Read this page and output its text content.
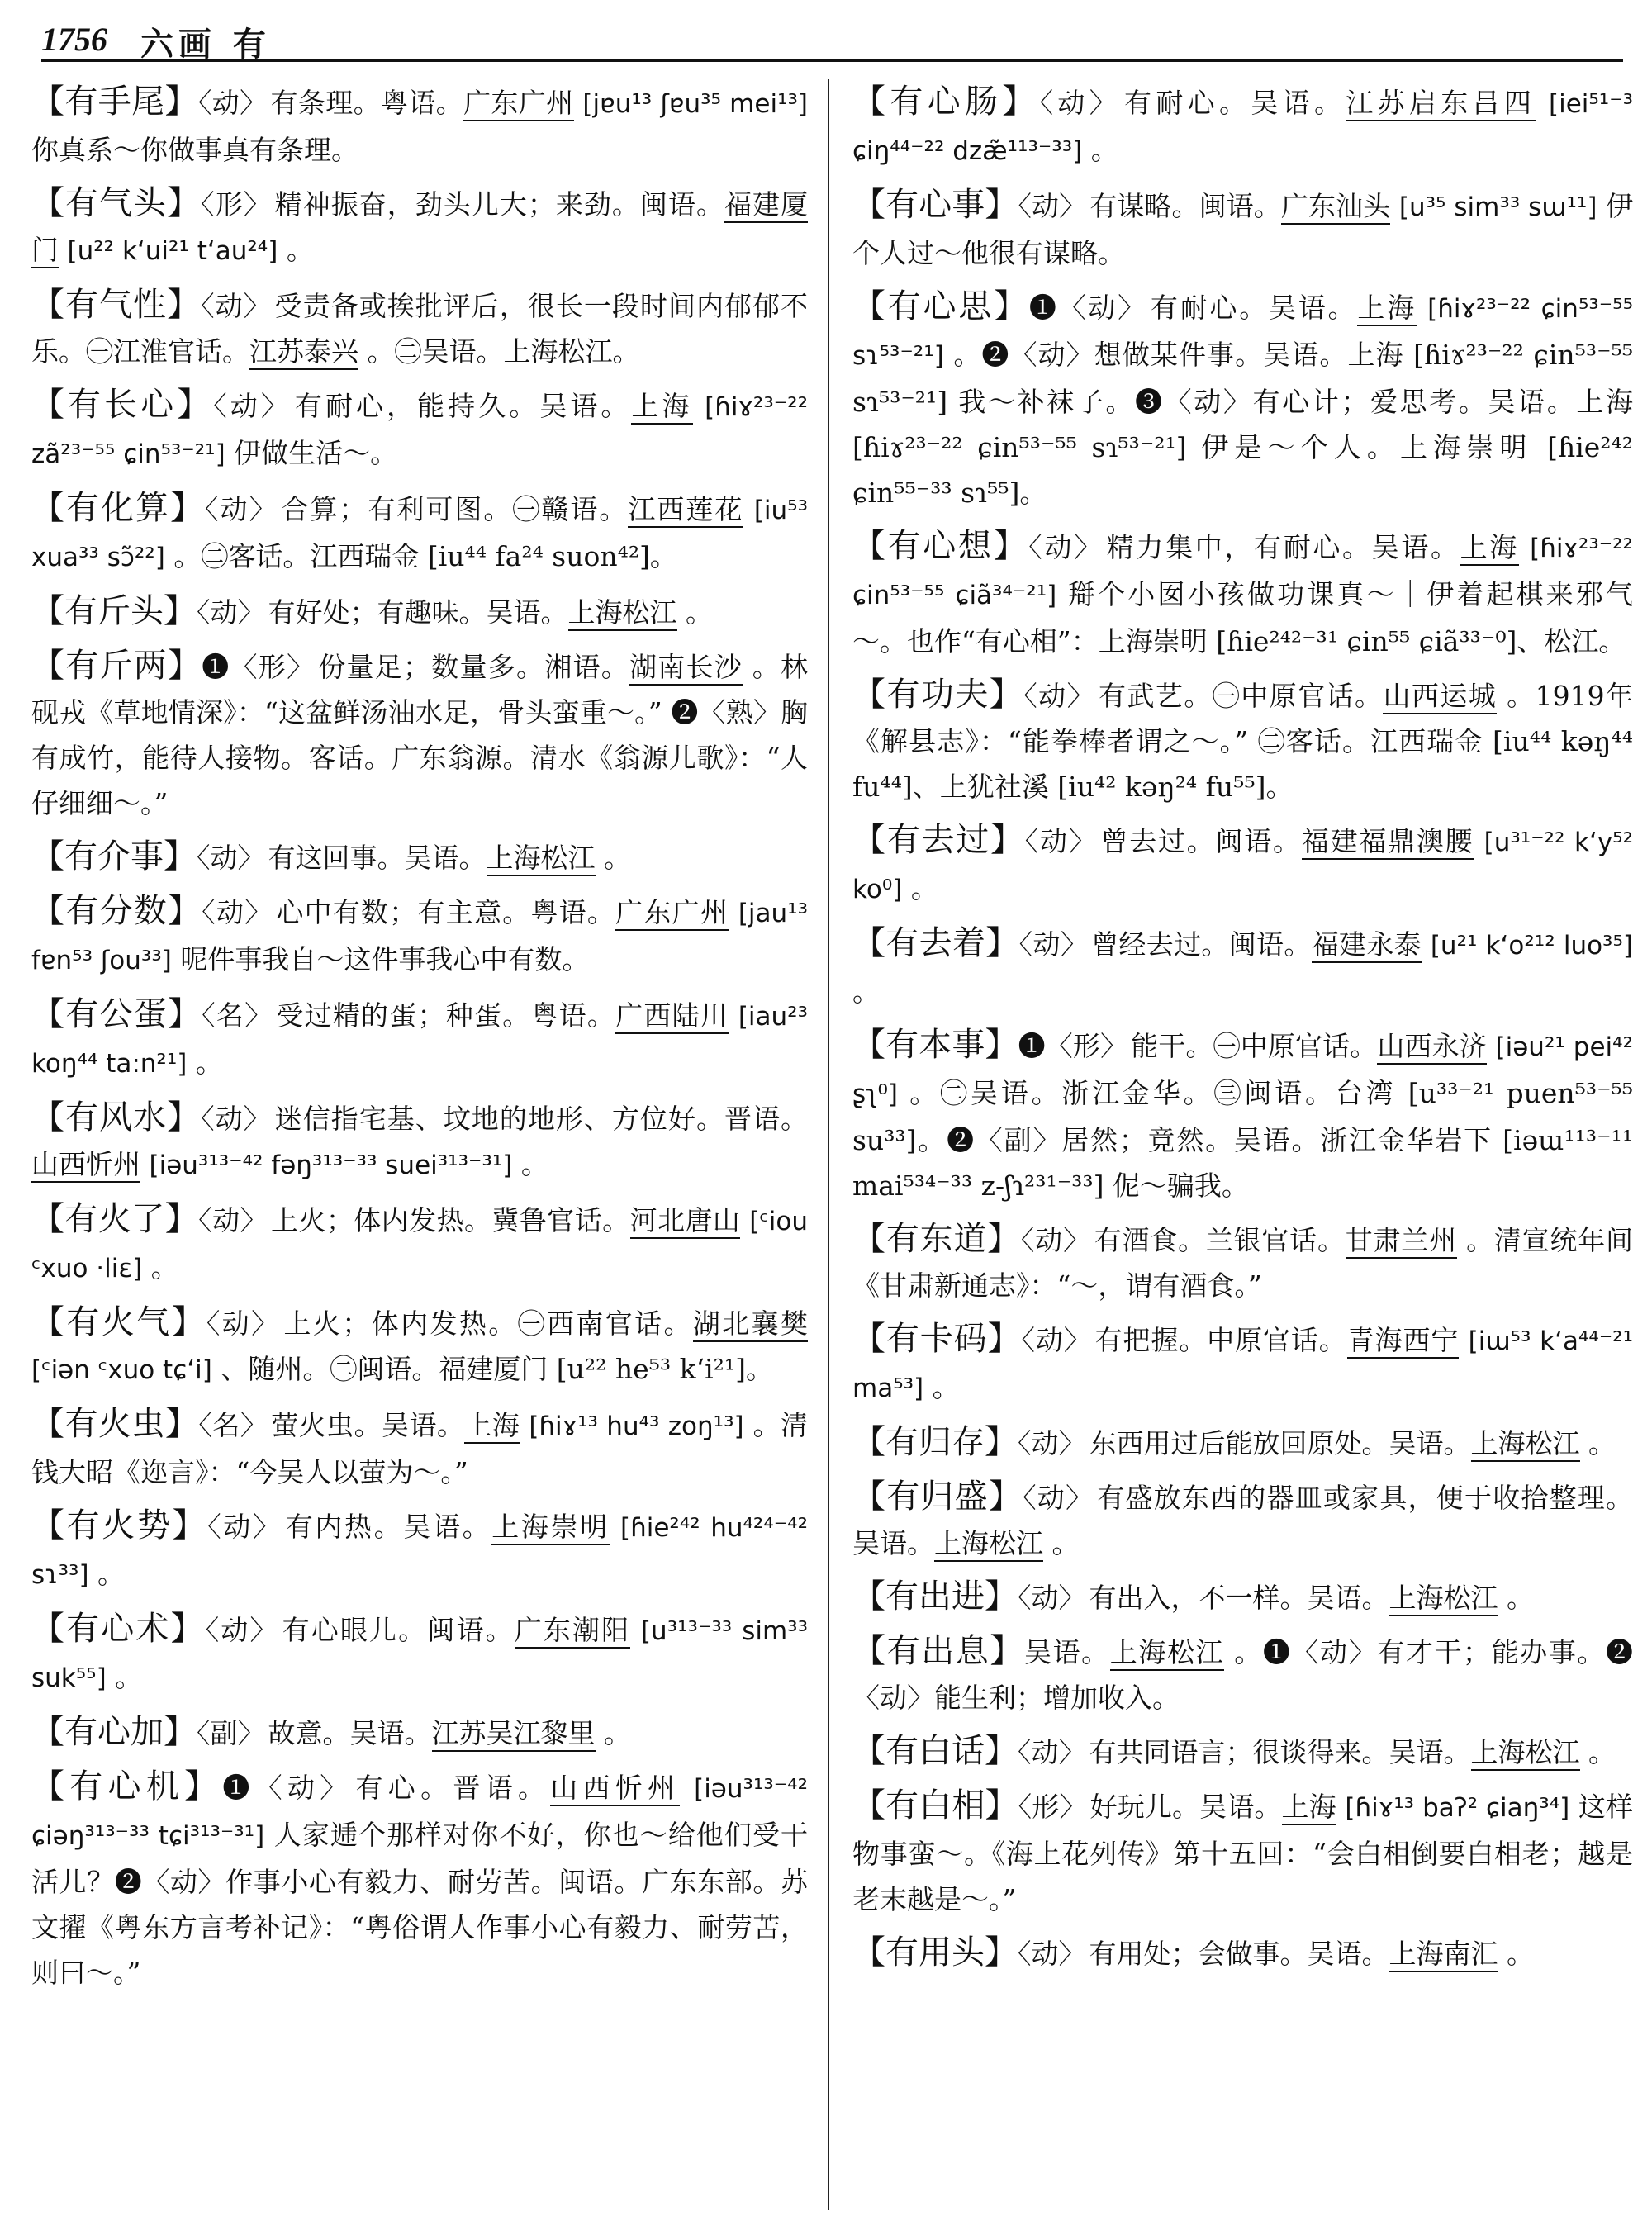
1756 六画 有
【有手尾】〈动〉 有条理。粤语。广东广州 [jɐu¹³ ʃɐu³⁵ mei¹³] 你真系～你做事真有条理。
【有气头】〈形〉 精神振奋，劲头儿大；来劲。闽语。福建厦门 [u²² k‘ui²¹ t‘au²⁴] 。
【有气性】〈动〉 受责备或挨批评后，很长一段时间内郁郁不乐。㊀江淮官话。江苏泰兴 。㊁吴语。上海松江。
【有长心】〈动〉 有耐心，能持久。吴语。上海 [ɦiɤ²³⁻²² zã²³⁻⁵⁵ ɕin⁵³⁻²¹] 伊做生活～。
【有化算】〈动〉 合算；有利可图。㊀赣语。江西莲花 [iu⁵³ xua³³ sɔ̃²²] 。㊁客话。江西瑞金 [iu⁴⁴ fa²⁴ suon⁴²]。
【有斤头】〈动〉 有好处；有趣味。吴语。上海松江 。
【有斤两】❶〈形〉 份量足；数量多。湘语。湖南长沙 。林砚戎《草地情深》：“这盆鲜汤油水足，骨头蛮重～。” ❷〈熟〉胸有成竹，能待人接物。客话。广东翁源。清水《翁源儿歌》：“人仔细细～。”
【有介事】〈动〉 有这回事。吴语。上海松江 。
【有分数】〈动〉 心中有数；有主意。粤语。广东广州 [jau¹³ fɐn⁵³ ʃou³³] 呢件事我自～这件事我心中有数。
【有公蛋】〈名〉 受过精的蛋；种蛋。粤语。广西陆川 [iau²³ koŋ⁴⁴ ta:n²¹] 。
【有风水】〈动〉 迷信指宅基、坟地的地形、方位好。晋语。山西忻州 [iəu³¹³⁻⁴² fəŋ³¹³⁻³³ suei³¹³⁻³¹] 。
【有火了】〈动〉 上火；体内发热。冀鲁官话。河北唐山 [ᶜiou ᶜxuo ·liɛ] 。
【有火气】〈动〉 上火；体内发热。㊀西南官话。湖北襄樊 [ᶜiən ᶜxuo tɕ‘i] 、随州。㊁闽语。福建厦门 [u²² he⁵³ k‘i²¹]。
【有火虫】〈名〉 萤火虫。吴语。上海 [ɦiɤ¹³ hu⁴³ zoŋ¹³] 。清钱大昭《迩言》：“今吴人以萤为～。”
【有火势】〈动〉 有内热。吴语。上海崇明 [ɦie²⁴² hu⁴²⁴⁻⁴² sɿ³³] 。
【有心术】〈动〉 有心眼儿。闽语。广东潮阳 [u³¹³⁻³³ sim³³ suk⁵⁵] 。
【有心加】〈副〉 故意。吴语。江苏吴江黎里 。
【有心机】❶〈动〉 有心。晋语。山西忻州 [iəu³¹³⁻⁴² ɕiəŋ³¹³⁻³³ tɕi³¹³⁻³¹] 人家逓个那样对你不好，你也～给他们受干活儿？❷〈动〉作事小心有毅力、耐劳苦。闽语。广东东部。苏文擢《粤东方言考补记》：“粤俗谓人作事小心有毅力、耐劳苦，则曰～。”
【有心肠】〈动〉 有耐心。吴语。江苏启东吕四 [iei⁵¹⁻³ ɕiŋ⁴⁴⁻²² dzæ̃¹¹³⁻³³] 。
【有心事】〈动〉 有谋略。闽语。广东汕头 [u³⁵ sim³³ sɯ¹¹] 伊个人过～他很有谋略。
【有心思】❶〈动〉 有耐心。吴语。上海 [ɦiɤ²³⁻²² ɕin⁵³⁻⁵⁵ sɿ⁵³⁻²¹] 。❷〈动〉想做某件事。吴语。上海 [ɦiɤ²³⁻²² ɕin⁵³⁻⁵⁵ sɿ⁵³⁻²¹] 我～补袜子。❸〈动〉有心计；爱思考。吴语。上海 [ɦiɤ²³⁻²² ɕin⁵³⁻⁵⁵ sɿ⁵³⁻²¹] 伊是～个人。上海崇明 [ɦie²⁴² ɕin⁵⁵⁻³³ sɿ⁵⁵]。
【有心想】〈动〉 精力集中，有耐心。吴语。上海 [ɦiɤ²³⁻²² ɕin⁵³⁻⁵⁵ ɕiã³⁴⁻²¹] 搿个小囡小孩做功课真～｜伊着起棋来邪气～。也作“有心相”：上海崇明 [ɦie²⁴²⁻³¹ ɕin⁵⁵ ɕiã³³⁻⁰]、松江。
【有功夫】〈动〉 有武艺。㊀中原官话。山西运城 。1919年《解县志》：“能拳棒者谓之～。” ㊁客话。江西瑞金 [iu⁴⁴ kəŋ⁴⁴ fu⁴⁴]、上犹社溪 [iu⁴² kəŋ²⁴ fu⁵⁵]。
【有去过】〈动〉 曾去过。闽语。福建福鼎澳腰 [u³¹⁻²² k‘y⁵² ko⁰] 。
【有去着】〈动〉 曾经去过。闽语。福建永泰 [u²¹ k‘o²¹² luo³⁵] 。
【有本事】❶〈形〉 能干。㊀中原官话。山西永济 [iəu²¹ pei⁴² ʂʅ⁰] 。㊁吴语。浙江金华。㊂闽语。台湾 [u³³⁻²¹ puen⁵³⁻⁵⁵ su³³]。❷〈副〉居然；竟然。吴语。浙江金华岩下 [iəɯ¹¹³⁻¹¹ mai⁵³⁴⁻³³ z-ʃɿ²³¹⁻³³] 伲～骗我。
【有东道】〈动〉 有酒食。兰银官话。甘肃兰州 。清宣统年间《甘肃新通志》：“～，谓有酒食。”
【有卡码】〈动〉 有把握。中原官话。青海西宁 [iɯ⁵³ k‘a⁴⁴⁻²¹ ma⁵³] 。
【有归存】〈动〉 东西用过后能放回原处。吴语。上海松江 。
【有归盛】〈动〉 有盛放东西的器皿或家具，便于收拾整理。吴语。上海松江 。
【有出进】〈动〉 有出入，不一样。吴语。上海松江 。
【有出息】吴语。上海松江 。❶〈动〉有才干；能办事。❷〈动〉能生利；增加收入。
【有白话】〈动〉 有共同语言；很谈得来。吴语。上海松江 。
【有白相】〈形〉 好玩儿。吴语。上海 [ɦiɤ¹³ baʔ² ɕiaŋ³⁴] 这样物事蛮～。《海上花列传》第十五回：“会白相倒要白相老；越是老末越是～。”
【有用头】〈动〉 有用处；会做事。吴语。上海南汇 。
